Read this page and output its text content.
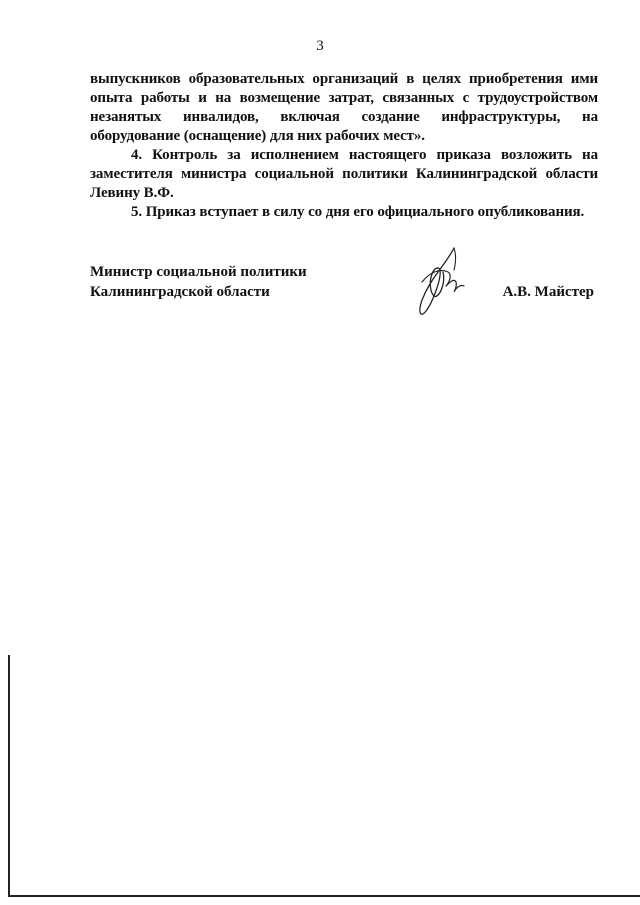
3

выпускников образовательных организаций в целях приобретения ими опыта работы и на возмещение затрат, связанных с трудоустройством незанятых инвалидов, включая создание инфраструктуры, на оборудование (оснащение) для них рабочих мест».

4. Контроль за исполнением настоящего приказа возложить на заместителя министра социальной политики Калининградской области Левину В.Ф.

5. Приказ вступает в силу со дня его официального опубликования.

Министр социальной политики
Калининградской области	А.В. Майстер
